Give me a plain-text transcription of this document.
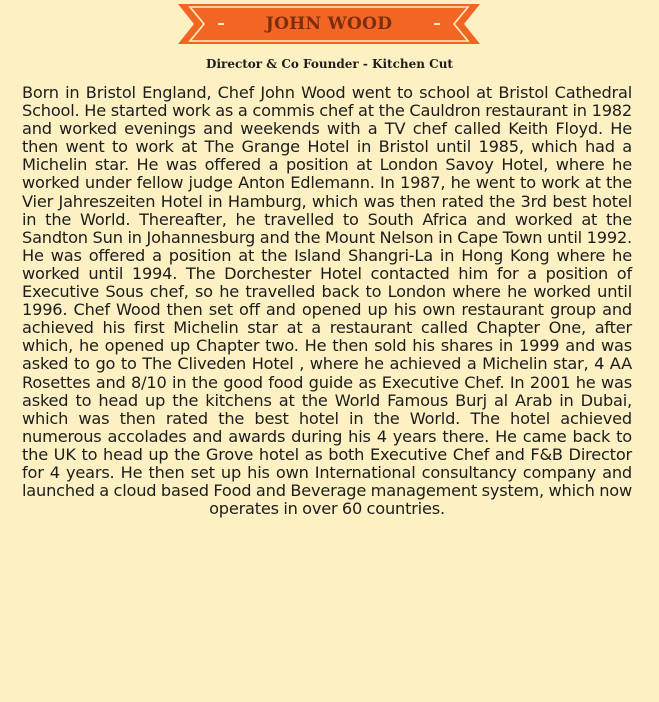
JOHN WOOD
Director & Co Founder - Kitchen Cut

Born in Bristol England, Chef John Wood went to school at Bristol Cathedral School. He started work as a commis chef at the Cauldron restaurant in 1982 and worked evenings and weekends with a TV chef called Keith Floyd. He then went to work at The Grange Hotel in Bristol until 1985, which had a Michelin star. He was offered a position at London Savoy Hotel, where he worked under fellow judge Anton Edlemann. In 1987, he went to work at the Vier Jahreszeiten Hotel in Hamburg, which was then rated the 3rd best hotel in the World. Thereafter, he travelled to South Africa and worked at the Sandton Sun in Johannesburg and the Mount Nelson in Cape Town until 1992. He was offered a position at the Island Shangri-La in Hong Kong where he worked until 1994. The Dorchester Hotel contacted him for a position of Executive Sous chef, so he travelled back to London where he worked until 1996. Chef Wood then set off and opened up his own restaurant group and achieved his first Michelin star at a restaurant called Chapter One, after which, he opened up Chapter two. He then sold his shares in 1999 and was asked to go to The Cliveden Hotel , where he achieved a Michelin star, 4 AA Rosettes and 8/10 in the good food guide as Executive Chef. In 2001 he was asked to head up the kitchens at the World Famous Burj al Arab in Dubai, which was then rated the best hotel in the World. The hotel achieved numerous accolades and awards during his 4 years there. He came back to the UK to head up the Grove hotel as both Executive Chef and F&B Director for 4 years. He then set up his own International consultancy company and launched a cloud based Food and Beverage management system, which now operates in over 60 countries.
